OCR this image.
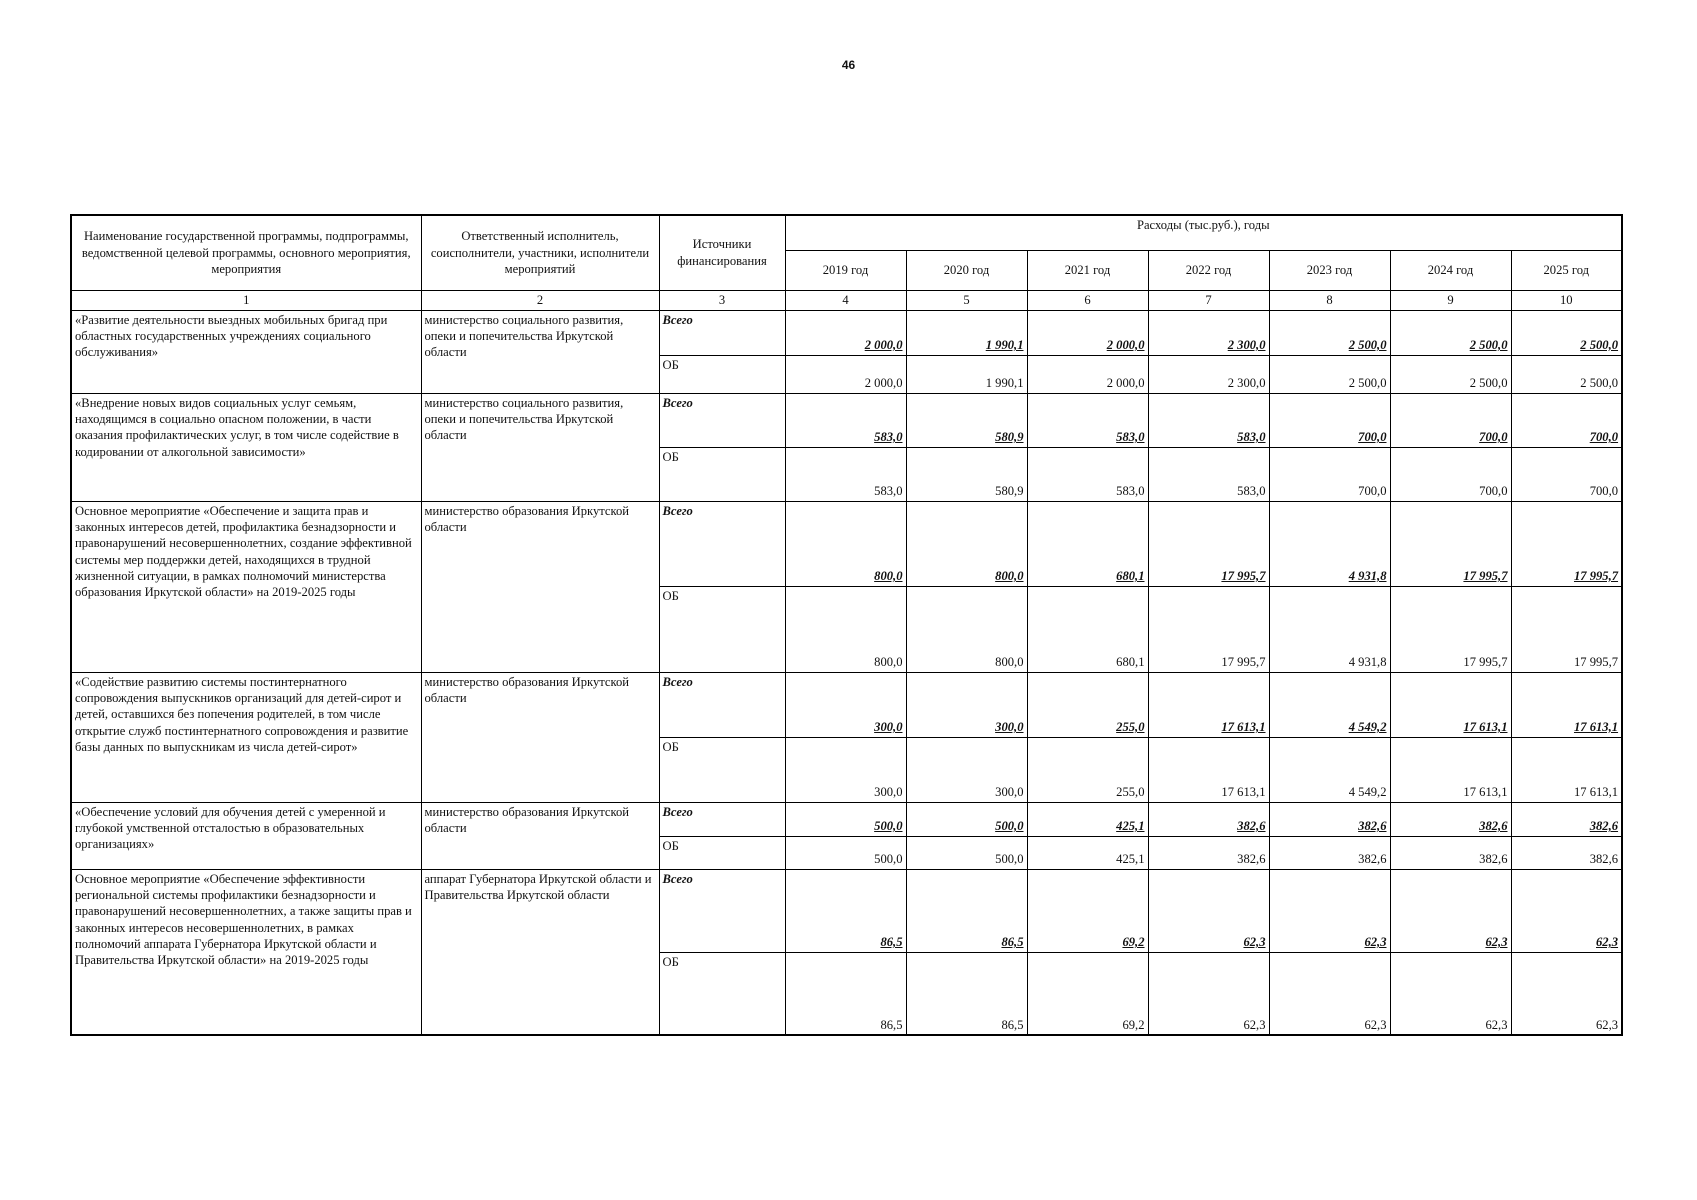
46
Наименование государственной программы, подпрограммы, ведомственной целевой программы, основного мероприятия, мероприятия	Ответственный исполнитель, соисполнители, участники, исполнители мероприятий	Источники финансирования	Расходы (тыс.руб.), годы						
			2019 год	2020 год	2021 год	2022 год	2023 год	2024 год	2025 год
1	2	3	4	5	6	7	8	9	10
«Развитие деятельности выездных мобильных бригад при областных государственных учреждениях социального обслуживания»	министерство социального развития, опеки и попечительства Иркутской области	Всего	2 000,0	1 990,1	2 000,0	2 300,0	2 500,0	2 500,0	2 500,0
		ОБ	2 000,0	1 990,1	2 000,0	2 300,0	2 500,0	2 500,0	2 500,0
«Внедрение новых видов социальных услуг семьям, находящимся в социально опасном положении, в части оказания профилактических услуг, в том числе содействие в кодировании от алкогольной зависимости»	министерство социального развития, опеки и попечительства Иркутской области	Всего	583,0	580,9	583,0	583,0	700,0	700,0	700,0
		ОБ	583,0	580,9	583,0	583,0	700,0	700,0	700,0
Основное мероприятие «Обеспечение и защита прав и законных интересов детей, профилактика безнадзорности и правонарушений несовершеннолетних, создание эффективной системы мер поддержки детей, находящихся в трудной жизненной ситуации, в рамках полномочий министерства образования Иркутской области» на 2019-2025 годы	министерство образования Иркутской области	Всего	800,0	800,0	680,1	17 995,7	4 931,8	17 995,7	17 995,7
		ОБ	800,0	800,0	680,1	17 995,7	4 931,8	17 995,7	17 995,7
«Содействие развитию системы постинтернатного сопровождения выпускников организаций для детей-сирот и детей, оставшихся без попечения родителей, в том числе открытие служб постинтернатного сопровождения и развитие базы данных по выпускникам из числа детей-сирот»	министерство образования Иркутской области	Всего	300,0	300,0	255,0	17 613,1	4 549,2	17 613,1	17 613,1
		ОБ	300,0	300,0	255,0	17 613,1	4 549,2	17 613,1	17 613,1
«Обеспечение условий для обучения детей с умеренной и глубокой умственной отсталостью в образовательных организациях»	министерство образования Иркутской области	Всего	500,0	500,0	425,1	382,6	382,6	382,6	382,6
		ОБ	500,0	500,0	425,1	382,6	382,6	382,6	382,6
Основное мероприятие «Обеспечение эффективности региональной системы профилактики безнадзорности и правонарушений несовершеннолетних, а также защиты прав и законных интересов несовершеннолетних, в рамках полномочий аппарата Губернатора Иркутской области и Правительства Иркутской области» на 2019-2025 годы	аппарат Губернатора Иркутской области и Правительства Иркутской области	Всего	86,5	86,5	69,2	62,3	62,3	62,3	62,3
		ОБ	86,5	86,5	69,2	62,3	62,3	62,3	62,3
